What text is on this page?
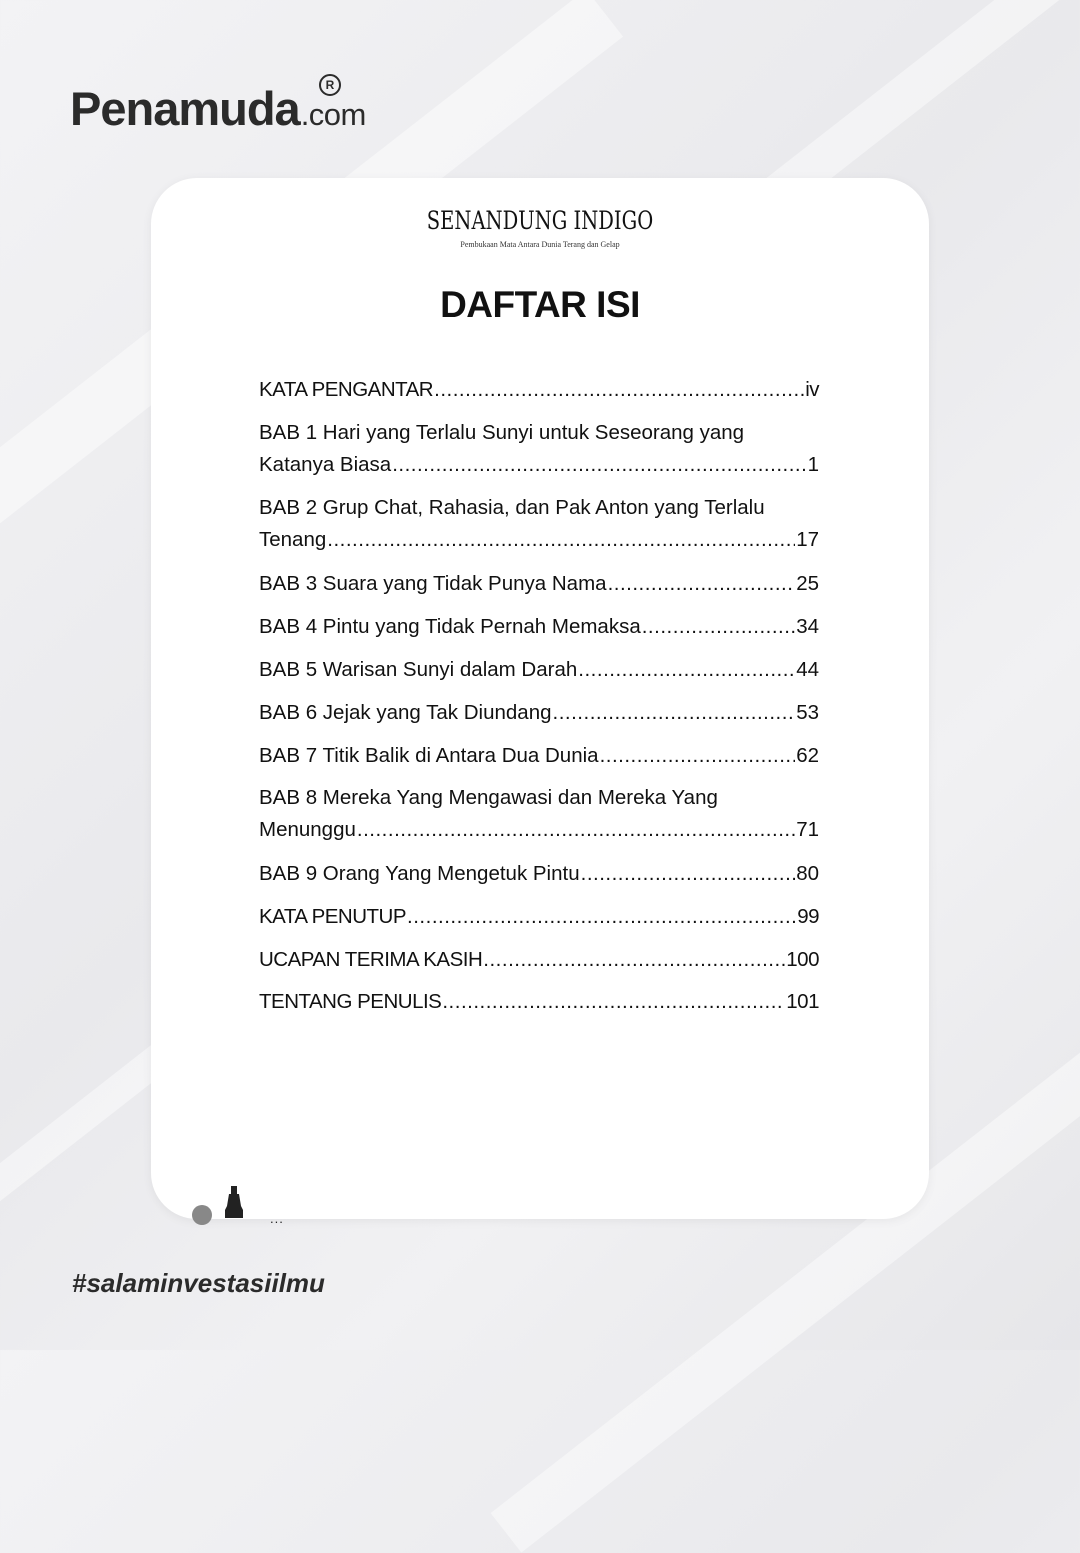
Penamuda	R
.com
SENANDUNG INDIGO
Pembukaan Mata Antara Dunia Terang dan Gelap
DAFTAR ISI
KATA PENGANTAR .....	iv
BAB 1 Hari yang Terlalu Sunyi untuk Seseorang yang
Katanya Biasa .....	1
BAB 2 Grup Chat, Rahasia, dan Pak Anton yang Terlalu
Tenang .....	17
BAB 3 Suara yang Tidak Punya Nama .....	25
BAB 4 Pintu yang Tidak Pernah Memaksa .....	34
BAB 5 Warisan Sunyi dalam Darah .....	44
BAB 6 Jejak yang Tak Diundang .....	53
BAB 7 Titik Balik di Antara Dua Dunia .....	62
BAB 8 Mereka Yang Mengawasi dan Mereka Yang
Menunggu .....	71
BAB 9 Orang Yang Mengetuk Pintu .....	80
KATA PENUTUP .....	99
UCAPAN TERIMA KASIH .....	100
TENTANG PENULIS .....	101
...
#salaminvestasiilmu
